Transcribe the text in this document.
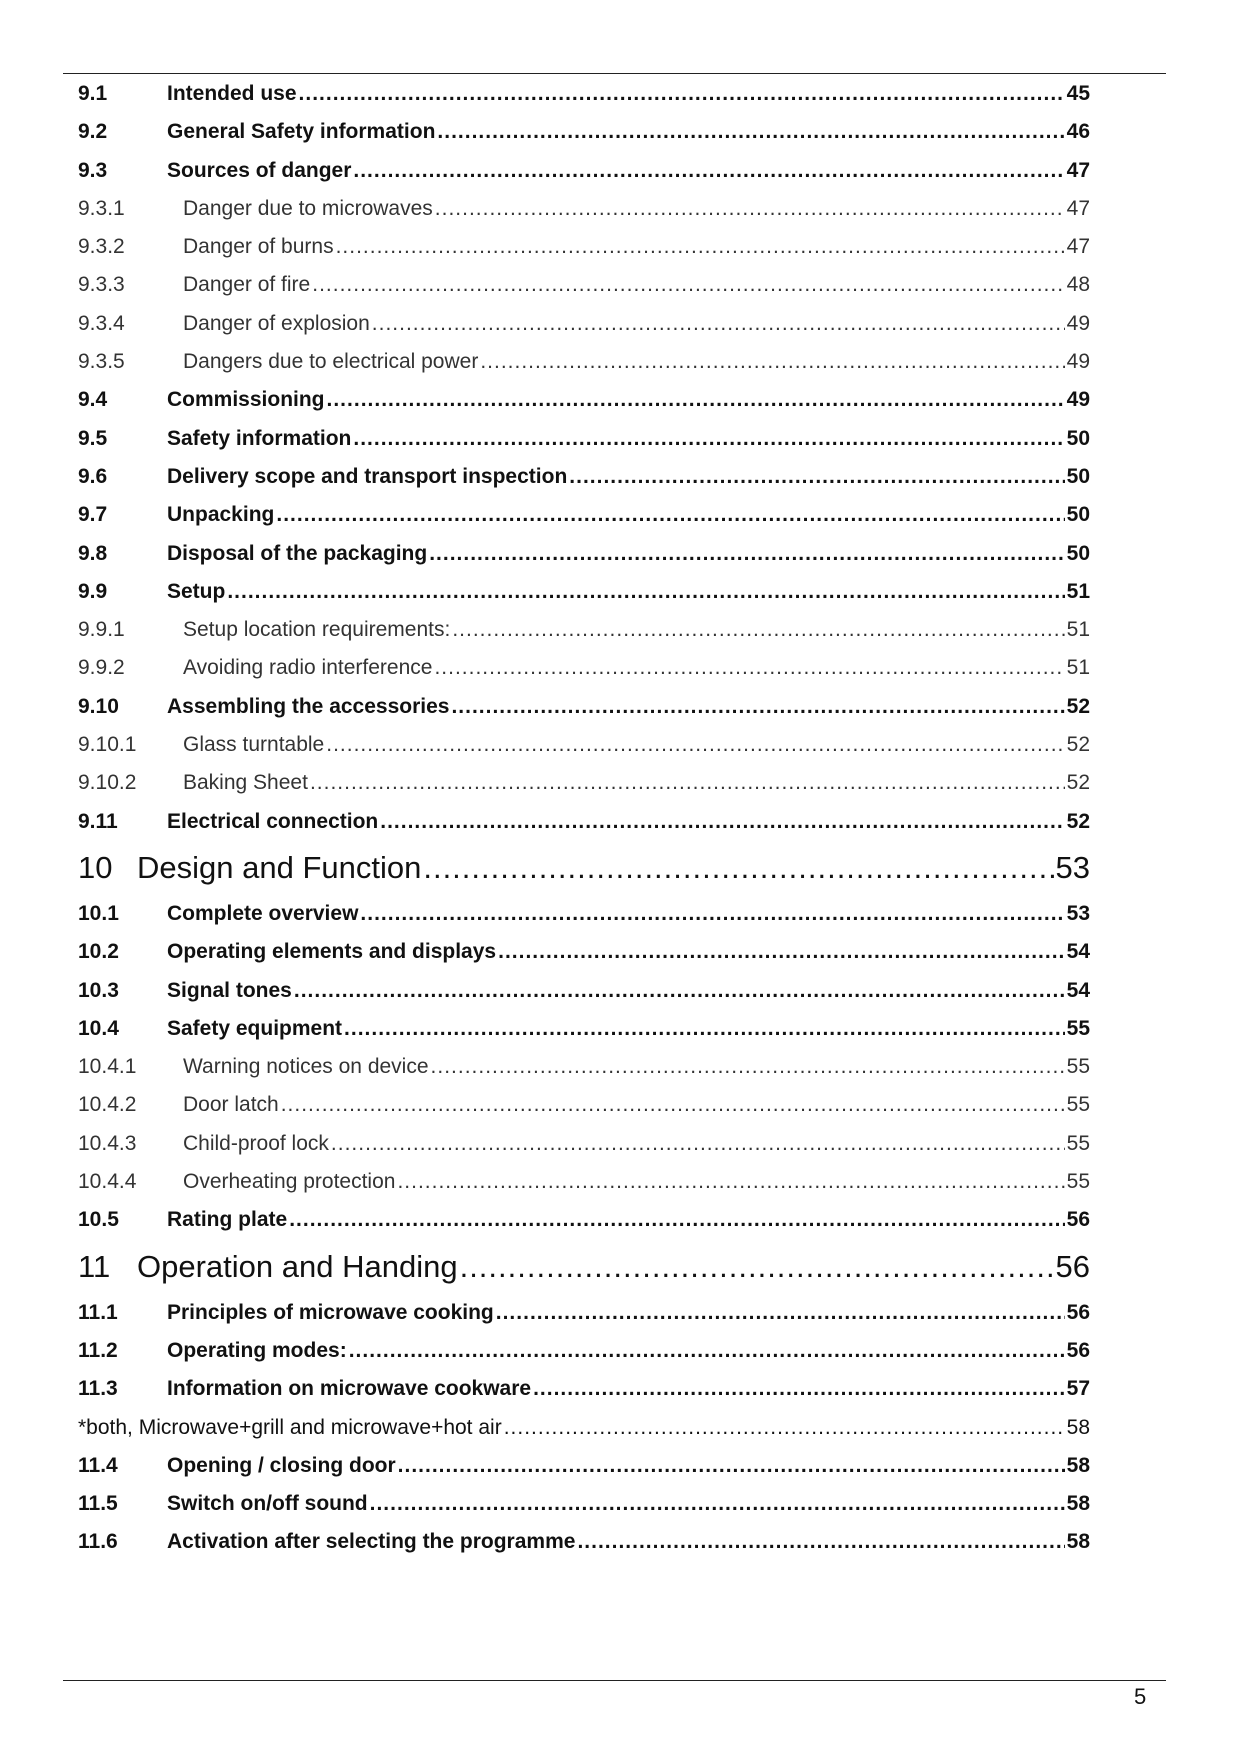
9.1	Intended use .....	45
9.2	General Safety information .....	46
9.3	Sources of danger .....	47
9.3.1	Danger due to microwaves .....	47
9.3.2	Danger of burns .....	47
9.3.3	Danger of fire .....	48
9.3.4	Danger of explosion .....	49
9.3.5	Dangers due to electrical power .....	49
9.4	Commissioning .....	49
9.5	Safety information .....	50
9.6	Delivery scope and transport inspection .....	50
9.7	Unpacking .....	50
9.8	Disposal of the packaging .....	50
9.9	Setup .....	51
9.9.1	Setup location requirements: .....	51
9.9.2	Avoiding radio interference .....	51
9.10	Assembling the accessories .....	52
9.10.1	Glass turntable .....	52
9.10.2	Baking Sheet .....	52
9.11	Electrical connection .....	52
10 Design and Function .....	53
10.1	Complete overview .....	53
10.2	Operating elements and displays .....	54
10.3	Signal tones .....	54
10.4	Safety equipment .....	55
10.4.1	Warning notices on device .....	55
10.4.2	Door latch .....	55
10.4.3	Child-proof lock .....	55
10.4.4	Overheating protection .....	55
10.5	Rating plate .....	56
11 Operation and Handing .....	56
11.1	Principles of microwave cooking .....	56
11.2	Operating modes: .....	56
11.3	Information on microwave cookware .....	57
*both, Microwave+grill and microwave+hot air .....	58
11.4	Opening / closing door .....	58
11.5	Switch on/off sound .....	58
11.6	Activation after selecting the programme .....	58
5
